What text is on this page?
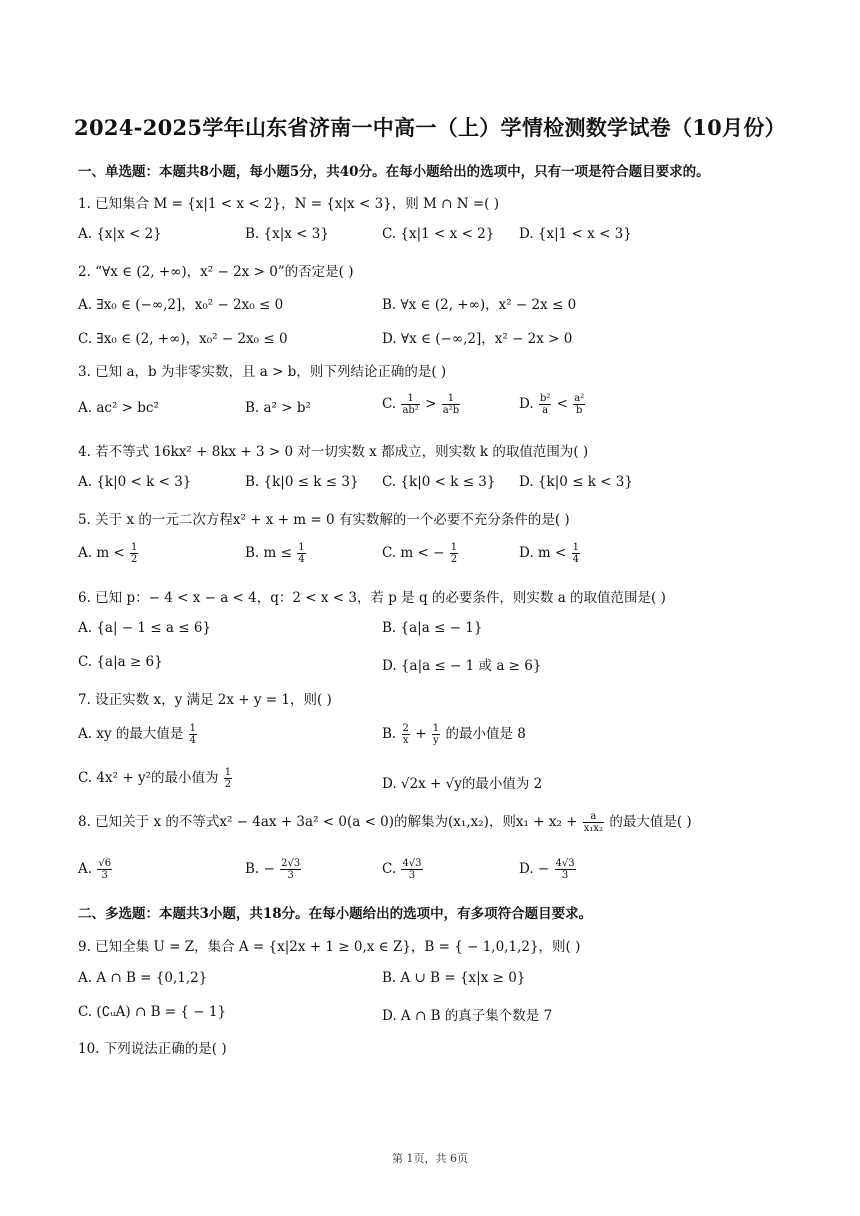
2024-2025学年山东省济南一中高一（上）学情检测数学试卷（10月份）
一、单选题：本题共8小题，每小题5分，共40分。在每小题给出的选项中，只有一项是符合题目要求的。
1. 已知集合 M = {x|1 < x < 2}，N = {x|x < 3}，则 M ∩ N =( )
A. {x|x < 2}	B. {x|x < 3}	C. {x|1 < x < 2} D. {x|1 < x < 3}
2. “∀x ∈ (2, +∞)，x² − 2x > 0”的否定是( )
A. ∃x₀ ∈ (−∞,2]，x₀² − 2x₀ ≤ 0	B. ∀x ∈ (2, +∞)，x² − 2x ≤ 0
C. ∃x₀ ∈ (2, +∞)，x₀² − 2x₀ ≤ 0	D. ∀x ∈ (−∞,2]，x² − 2x > 0
3. 已知 a，b 为非零实数，且 a > b，则下列结论正确的是( )
A. ac² > bc²	B. a² > b²	C. $\frac{1}{\text{ab²}} > \frac{1}{\text{a²b}}$	D. $\frac{\text{b²}}{a} < \frac{\text{a²}}{b}$
4. 若不等式 16kx² + 8kx + 3 > 0 对一切实数 x 都成立，则实数 k 的取值范围为( )
A. {k|0 < k < 3}	B. {k|0 ≤ k ≤ 3} C. {k|0 < k ≤ 3} D. {k|0 ≤ k < 3}
5. 关于 x 的一元二次方程x² + x + m = 0 有实数解的一个必要不充分条件的是( )
A. $m < \frac{1}{2}$	B. $m \le \frac{1}{4}$	C. m < − $\frac{1}{2}$	D. $m < \frac{1}{4}$
6. 已知 p：− 4 < x − a < 4，q：2 < x < 3，若 p 是 q 的必要条件，则实数 a 的取值范围是( )
A. {a| − 1 ≤ a ≤ 6}	B. {a|a ≤ − 1}
C. {a|a ≥ 6}	D. {a|a ≤ − 1 或 a ≥ 6}
7. 设正实数 x，y 满足 2x + y = 1，则( )
A. xy 的最大值是 $\frac{1}{4}$	B. $\frac{2}{x} + \frac{1}{y}$ 的最小值是 8
C. 4x² + y²的最小值为 $\frac{1}{2}$	D. √2x + √y的最小值为 2
8. 已知关于 x 的不等式x² − 4ax + 3a² < 0(a < 0)的解集为(x₁,x₂)，则$x_1 + x_2 + \frac{a}{\text{x₁x₂}}$ 的最大值是( )
A. $\frac{√6}{3}$	B. − $\frac{2√3}{3}$	C. $\frac{4√3}{3}$	D. − $\frac{4√3}{3}$
二、多选题：本题共3小题，共18分。在每小题给出的选项中，有多项符合题目要求。
9. 已知全集 U = Z，集合 A = {x|2x + 1 ≥ 0,x ∈ Z}，B = { − 1,0,1,2}，则( )
A. A ∩ B = {0,1,2}	B. A ∪ B = {x|x ≥ 0}
C. (∁ᵤA) ∩ B = { − 1}	D. A ∩ B 的真子集个数是 7
10. 下列说法正确的是( )
第 1页，共 6页
